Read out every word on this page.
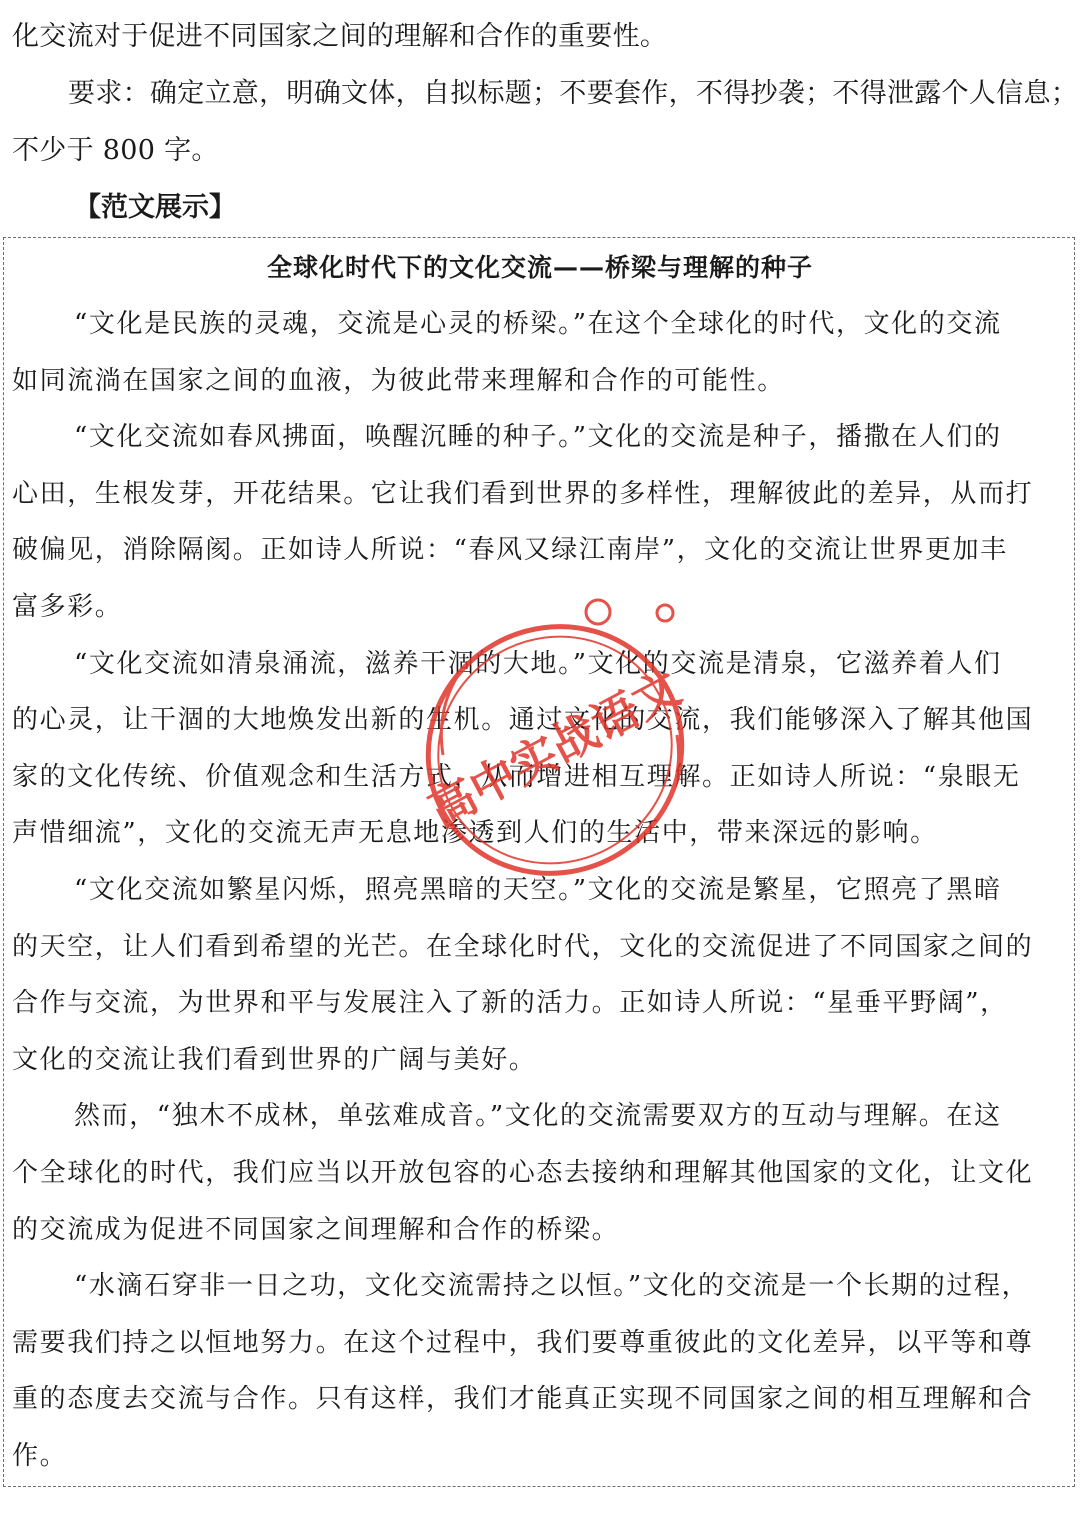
化交流对于促进不同国家之间的理解和合作的重要性。
要求：确定立意，明确文体，自拟标题；不要套作，不得抄袭；不得泄露个人信息；
不少于 800 字。
【范文展示】
全球化时代下的文化交流——桥梁与理解的种子
“文化是民族的灵魂，交流是心灵的桥梁。”在这个全球化的时代，文化的交流
如同流淌在国家之间的血液，为彼此带来理解和合作的可能性。
“文化交流如春风拂面，唤醒沉睡的种子。”文化的交流是种子，播撒在人们的
心田，生根发芽，开花结果。它让我们看到世界的多样性，理解彼此的差异，从而打
破偏见，消除隔阂。正如诗人所说：“春风又绿江南岸”，文化的交流让世界更加丰
富多彩。
“文化交流如清泉涌流，滋养干涸的大地。”文化的交流是清泉，它滋养着人们
的心灵，让干涸的大地焕发出新的生机。通过文化的交流，我们能够深入了解其他国
家的文化传统、价值观念和生活方式，从而增进相互理解。正如诗人所说：“泉眼无
声惜细流”，文化的交流无声无息地渗透到人们的生活中，带来深远的影响。
“文化交流如繁星闪烁，照亮黑暗的天空。”文化的交流是繁星，它照亮了黑暗
的天空，让人们看到希望的光芒。在全球化时代，文化的交流促进了不同国家之间的
合作与交流，为世界和平与发展注入了新的活力。正如诗人所说：“星垂平野阔”，
文化的交流让我们看到世界的广阔与美好。
然而，“独木不成林，单弦难成音。”文化的交流需要双方的互动与理解。在这
个全球化的时代，我们应当以开放包容的心态去接纳和理解其他国家的文化，让文化
的交流成为促进不同国家之间理解和合作的桥梁。
“水滴石穿非一日之功，文化交流需持之以恒。”文化的交流是一个长期的过程，
需要我们持之以恒地努力。在这个过程中，我们要尊重彼此的文化差异，以平等和尊
重的态度去交流与合作。只有这样，我们才能真正实现不同国家之间的相互理解和合
作。
高中实战语文
